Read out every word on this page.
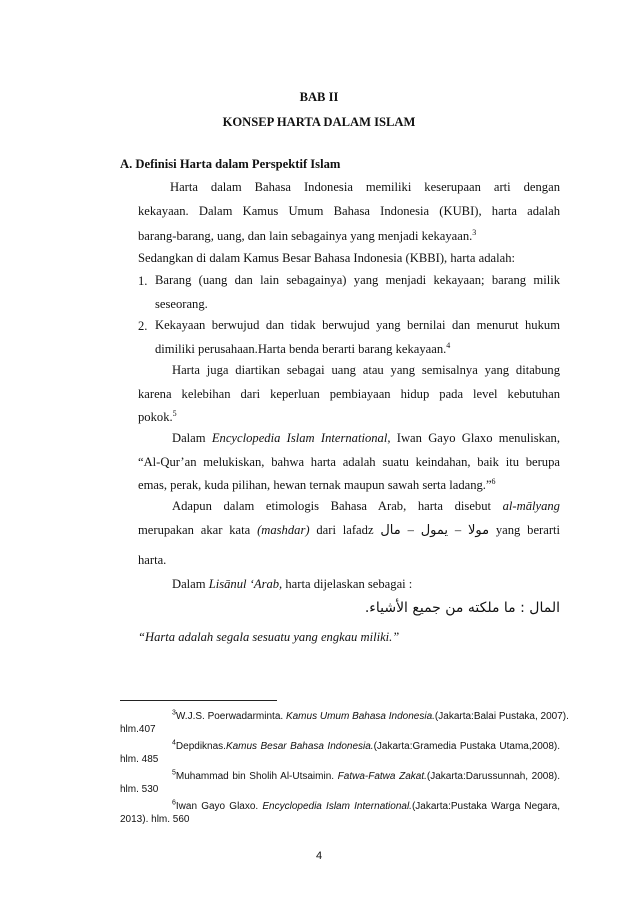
BAB II
KONSEP HARTA DALAM ISLAM
A. Definisi Harta dalam Perspektif Islam
Harta dalam Bahasa Indonesia memiliki keserupaan arti dengan
kekayaan. Dalam Kamus Umum Bahasa Indonesia (KUBI), harta adalah
barang-barang, uang, dan lain sebagainya yang menjadi kekayaan.$^3$
Sedangkan di dalam Kamus Besar Bahasa Indonesia (KBBI), harta adalah:
1. Barang (uang dan lain sebagainya) yang menjadi kekayaan; barang milik
seseorang.
2. Kekayaan berwujud dan tidak berwujud yang bernilai dan menurut hukum
dimiliki perusahaan.Harta benda berarti barang kekayaan.$^4$
Harta juga diartikan sebagai uang atau yang semisalnya yang ditabung
karena kelebihan dari keperluan pembiayaan hidup pada level kebutuhan
pokok.$^5$
Dalam Encyclopedia Islam International, Iwan Gayo Glaxo menuliskan,
“Al-Qur’an melukiskan, bahwa harta adalah suatu keindahan, baik itu berupa
emas, perak, kuda pilihan, hewan ternak maupun sawah serta ladang.”$^6$
Adapun dalam etimologis Bahasa Arab, harta disebut al-mālyang
merupakan akar kata (mashdar) dari lafadz مال – يمول – مولا yang berarti
harta.
Dalam Lisānul ‘Arab, harta dijelaskan sebagai :
المال : ما ملكته من جميع الأشياء.
“Harta adalah segala sesuatu yang engkau miliki.”
$^3$W.J.S. Poerwadarminta. Kamus Umum Bahasa Indonesia.(Jakarta:Balai Pustaka, 2007).
hlm.407
$^4$Depdiknas.Kamus Besar Bahasa Indonesia.(Jakarta:Gramedia Pustaka Utama,2008).
hlm. 485
$^5$Muhammad bin Sholih Al-Utsaimin. Fatwa-Fatwa Zakat.(Jakarta:Darussunnah, 2008).
hlm. 530
$^6$Iwan Gayo Glaxo. Encyclopedia Islam International.(Jakarta:Pustaka Warga Negara,
2013). hlm. 560
4
